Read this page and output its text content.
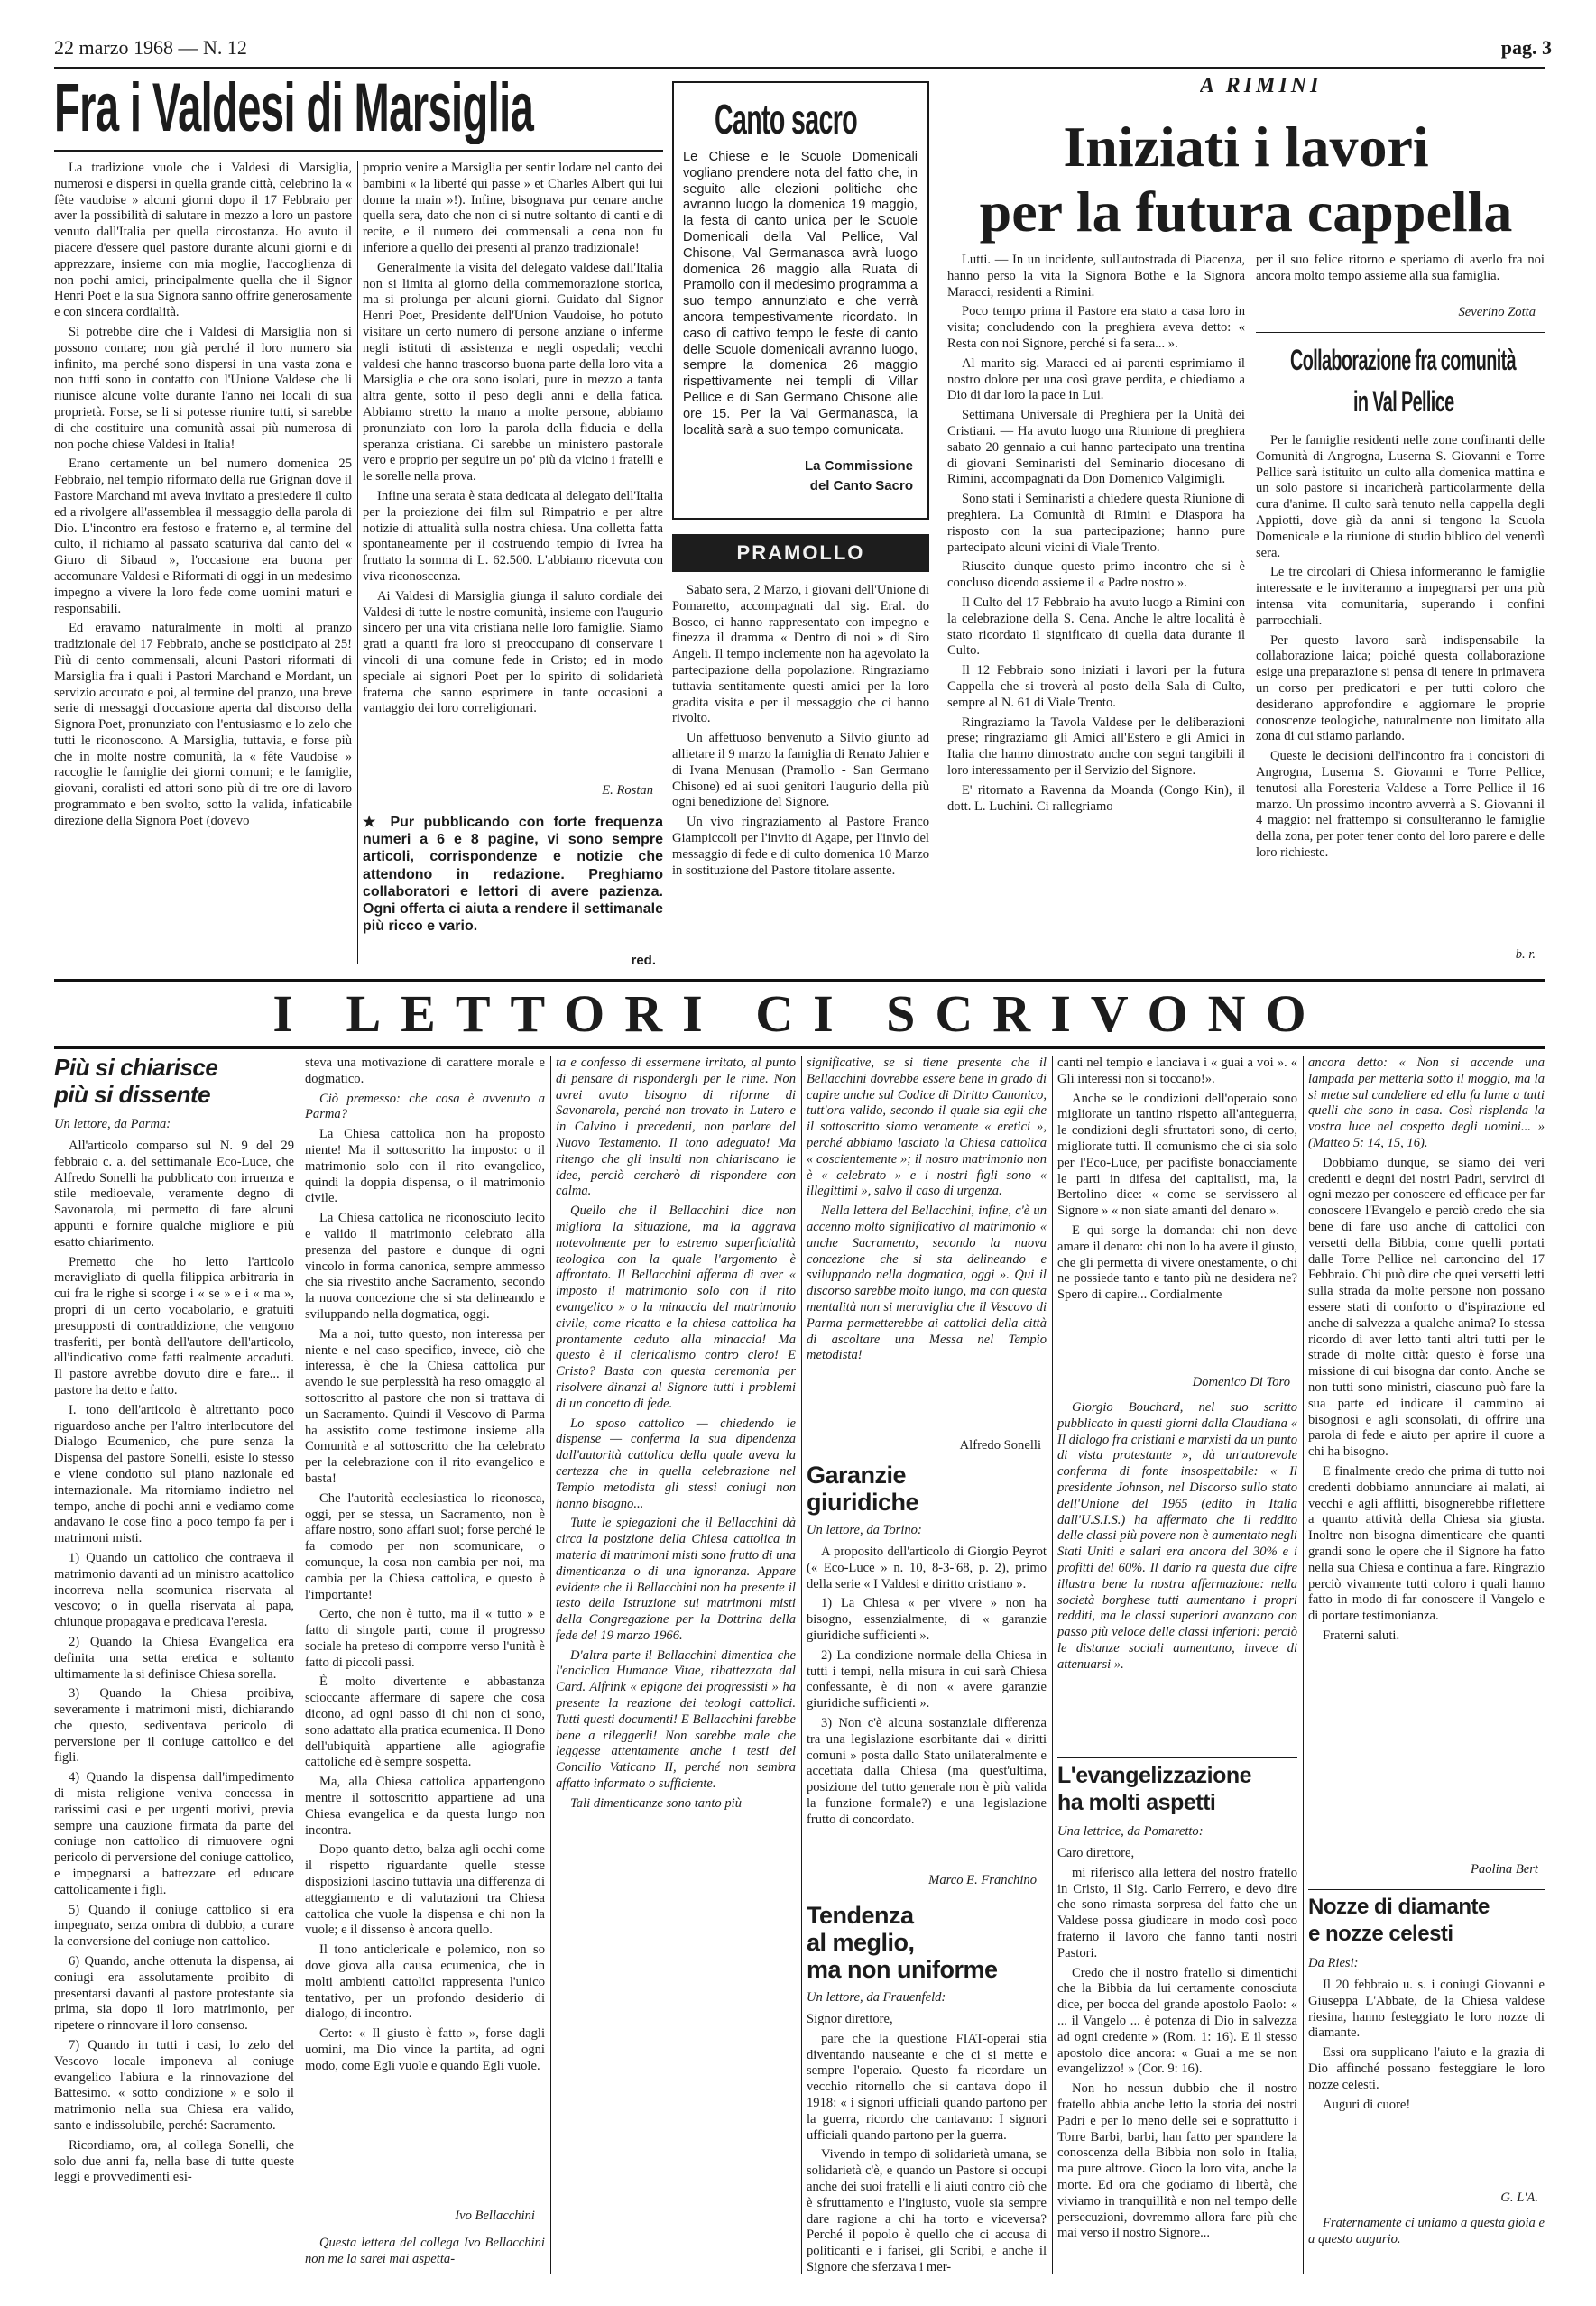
22 marzo 1968 — N. 12	pag. 3
Fra i Valdesi di Marsiglia

La tradizione vuole che i Valdesi di Marsiglia, numerosi e dispersi in quella grande città, celebrino la « fête vaudoise » alcuni giorni dopo il 17 Febbraio per aver la possibilità di salutare in mezzo a loro un pastore venuto dall'Italia per quella circostanza. Ho avuto il piacere d'essere quel pastore durante alcuni giorni e di apprezzare, insieme con mia moglie, l'accoglienza di non pochi amici, principalmente quella che il Signor Henri Poet e la sua Signora sanno offrire generosamente e con sincera cordialità.

Si potrebbe dire che i Valdesi di Marsiglia non si possono contare; non già perché il loro numero sia infinito, ma perché sono dispersi in una vasta zona e non tutti sono in contatto con l'Unione Valdese che li riunisce alcune volte durante l'anno nei locali di sua proprietà. Forse, se li si potesse riunire tutti, si sarebbe di che costituire una comunità assai più numerosa di non poche chiese Valdesi in Italia!

Erano certamente un bel numero domenica 25 Febbraio, nel tempio riformato della rue Grignan dove il Pastore Marchand mi aveva invitato a presiedere il culto ed a rivolgere all'assemblea il messaggio della parola di Dio. L'incontro era festoso e fraterno e, al termine del culto, il richiamo al passato scaturiva dal canto del « Giuro di Sibaud », l'occasione era buona per accomunare Valdesi e Riformati di oggi in un medesimo impegno a vivere la loro fede come uomini maturi e responsabili.

Ed eravamo naturalmente in molti al pranzo tradizionale del 17 Febbraio, anche se posticipato al 25! Più di cento commensali, alcuni Pastori riformati di Marsiglia fra i quali i Pastori Marchand e Mordant, un servizio accurato e poi, al termine del pranzo, una breve serie di messaggi d'occasione aperta dal discorso della Signora Poet, pronunziato con l'entusiasmo e lo zelo che tutti le riconoscono. A Marsiglia, tuttavia, e forse più che in molte nostre comunità, la « fête Vaudoise » raccoglie le famiglie dei giorni comuni; e le famiglie, giovani, coralisti ed attori sono più di tre ore di lavoro programmato e ben svolto, sotto la valida, infaticabile direzione della Signora Poet (dovevo

proprio venire a Marsiglia per sentir lodare nel canto dei bambini « la liberté qui passe » et Charles Albert qui lui donne la main »!). Infine, bisognava pur cenare anche quella sera, dato che non ci si nutre soltanto di canti e di recite, e il numero dei commensali a cena non fu inferiore a quello dei presenti al pranzo tradizionale!

Generalmente la visita del delegato valdese dall'Italia non si limita al giorno della commemorazione storica, ma si prolunga per alcuni giorni. Guidato dal Signor Henri Poet, Presidente dell'Union Vaudoise, ho potuto visitare un certo numero di persone anziane o inferme negli istituti di assistenza e negli ospedali; vecchi valdesi che hanno trascorso buona parte della loro vita a Marsiglia e che ora sono isolati, pure in mezzo a tanta altra gente, sotto il peso degli anni e della fatica. Abbiamo stretto la mano a molte persone, abbiamo pronunziato con loro la parola della fiducia e della speranza cristiana. Ci sarebbe un ministero pastorale vero e proprio per seguire un po' più da vicino i fratelli e le sorelle nella prova.

Infine una serata è stata dedicata al delegato dell'Italia per la proiezione dei film sul Rimpatrio e per altre notizie di attualità sulla nostra chiesa. Una colletta fatta spontaneamente per il costruendo tempio di Ivrea ha fruttato la somma di L. 62.500. L'abbiamo ricevuta con viva riconoscenza.

Ai Valdesi di Marsiglia giunga il saluto cordiale dei Valdesi di tutte le nostre comunità, insieme con l'augurio sincero per una vita cristiana nelle loro famiglie. Siamo grati a quanti fra loro si preoccupano di conservare i vincoli di una comune fede in Cristo; ed in modo speciale ai signori Poet per lo spirito di solidarietà fraterna che sanno esprimere in tante occasioni a vantaggio dei loro correligionari.

E. Rostan
★ Pur pubblicando con forte frequenza numeri a 6 e 8 pagine, vi sono sempre articoli, corrispondenze e notizie che attendono in redazione. Preghiamo collaboratori e lettori di avere pazienza. Ogni offerta ci aiuta a rendere il settimanale più ricco e vario.
red.
Canto sacro
Le Chiese e le Scuole Domenicali vogliano prendere nota del fatto che, in seguito alle elezioni politiche che avranno luogo la domenica 19 maggio, la festa di canto unica per le Scuole Domenicali della Val Pellice, Val Chisone, Val Germanasca avrà luogo domenica 26 maggio alla Ruata di Pramollo con il medesimo programma a suo tempo annunziato e che verrà ancora tempestivamente ricordato. In caso di cattivo tempo le feste di canto delle Scuole domenicali avranno luogo, sempre la domenica 26 maggio rispettivamente nei templi di Villar Pellice e di San Germano Chisone alle ore 15. Per la Val Germanasca, la località sarà a suo tempo comunicata.
La Commissione
del Canto Sacro
PRAMOLLO

Sabato sera, 2 Marzo, i giovani dell'Unione di Pomaretto, accompagnati dal sig. Eral. do Bosco, ci hanno rappresentato con impegno e finezza il dramma « Dentro di noi » di Siro Angeli. Il tempo inclemente non ha agevolato la partecipazione della popolazione. Ringraziamo tuttavia sentitamente questi amici per la loro gradita visita e per il messaggio che ci hanno rivolto.

Un affettuoso benvenuto a Silvio giunto ad allietare il 9 marzo la famiglia di Renato Jahier e di Ivana Menusan (Pramollo - San Germano Chisone) ed ai suoi genitori l'augurio della più ogni benedizione del Signore.

Un vivo ringraziamento al Pastore Franco Giampiccoli per l'invito di Agape, per l'invio del messaggio di fede e di culto domenica 10 Marzo in sostituzione del Pastore titolare assente.

A RIMINI
Iniziati i lavori
per la futura cappella

Lutti. — In un incidente, sull'autostrada di Piacenza, hanno perso la vita la Signora Bothe e la Signora Maracci, residenti a Rimini.

Poco tempo prima il Pastore era stato a casa loro in visita; concludendo con la preghiera aveva detto: « Resta con noi Signore, perché si fa sera... ».

Al marito sig. Maracci ed ai parenti esprimiamo il nostro dolore per una così grave perdita, e chiediamo a Dio di dar loro la pace in Lui.

Settimana Universale di Preghiera per la Unità dei Cristiani. — Ha avuto luogo una Riunione di preghiera sabato 20 gennaio a cui hanno partecipato una trentina di giovani Seminaristi del Seminario diocesano di Rimini, accompagnati da Don Domenico Valgimigli.

Sono stati i Seminaristi a chiedere questa Riunione di preghiera. La Comunità di Rimini e Diaspora ha risposto con la sua partecipazione; hanno pure partecipato alcuni vicini di Viale Trento.

Riuscito dunque questo primo incontro che si è concluso dicendo assieme il « Padre nostro ».

Il Culto del 17 Febbraio ha avuto luogo a Rimini con la celebrazione della S. Cena. Anche le altre località è stato ricordato il significato di quella data durante il Culto.

Il 12 Febbraio sono iniziati i lavori per la futura Cappella che si troverà al posto della Sala di Culto, sempre al N. 61 di Viale Trento.

Ringraziamo la Tavola Valdese per le deliberazioni prese; ringraziamo gli Amici all'Estero e gli Amici in Italia che hanno dimostrato anche con segni tangibili il loro interessamento per il Servizio del Signore.

E' ritornato a Ravenna da Moanda (Congo Kin), il dott. L. Luchini. Ci rallegriamo

per il suo felice ritorno e speriamo di averlo fra noi ancora molto tempo assieme alla sua famiglia.

Severino Zotta
Collaborazione fra comunità
in Val Pellice

Per le famiglie residenti nelle zone confinanti delle Comunità di Angrogna, Luserna S. Giovanni e Torre Pellice sarà istituito un culto alla domenica mattina e un solo pastore si incaricherà particolarmente della cura d'anime. Il culto sarà tenuto nella cappella degli Appiotti, dove già da anni si tengono la Scuola Domenicale e la riunione di studio biblico del venerdì sera.

Le tre circolari di Chiesa informeranno le famiglie interessate e le inviteranno a impegnarsi per una più intensa vita comunitaria, superando i confini parrocchiali.

Per questo lavoro sarà indispensabile la collaborazione laica; poiché questa collaborazione esige una preparazione si pensa di tenere in primavera un corso per predicatori e per tutti coloro che desiderano approfondire e aggiornare le proprie conoscenze teologiche, naturalmente non limitato alla zona di cui stiamo parlando.

Queste le decisioni dell'incontro fra i concistori di Angrogna, Luserna S. Giovanni e Torre Pellice, tenutosi alla Foresteria Valdese a Torre Pellice il 16 marzo. Un prossimo incontro avverrà a S. Giovanni il 4 maggio: nel frattempo si consulteranno le famiglie della zona, per poter tener conto del loro parere e delle loro richieste.

b. r.
I LETTORI CI SCRIVONO
Più si chiarisce
più si dissente
Un lettore, da Parma:

All'articolo comparso sul N. 9 del 29 febbraio c. a. del settimanale Eco-Luce, che Alfredo Sonelli ha pubblicato con irruenza e stile medioevale, veramente degno di Savonarola, mi permetto di fare alcuni appunti e fornire qualche migliore e più esatto chiarimento.

Premetto che ho letto l'articolo meravigliato di quella filippica arbitraria in cui fra le righe si scorge i « se » e i « ma », propri di un certo vocabolario, e gratuiti presupposti di contraddizione, che vengono trasferiti, per bontà dell'autore dell'articolo, all'indicativo come fatti realmente accaduti. Il pastore avrebbe dovuto dire e fare... il pastore ha detto e fatto.

I. tono dell'articolo è altrettanto poco riguardoso anche per l'altro interlocutore del Dialogo Ecumenico, che pure senza la Dispensa del pastore Sonelli, esiste lo stesso e viene condotto sul piano nazionale ed internazionale. Ma ritorniamo indietro nel tempo, anche di pochi anni e vediamo come andavano le cose fino a poco tempo fa per i matrimoni misti.

1) Quando un cattolico che contraeva il matrimonio davanti ad un ministro acattolico incorreva nella scomunica riservata al vescovo; o in quella riservata al papa, chiunque propagava e predicava l'eresia.

2) Quando la Chiesa Evangelica era definita una setta eretica e soltanto ultimamente la si definisce Chiesa sorella.

3) Quando la Chiesa proibiva, severamente i matrimoni misti, dichiarando che questo, sediventava pericolo di perversione per il coniuge cattolico e dei figli.

4) Quando la dispensa dall'impedimento di mista religione veniva concessa in rarissimi casi e per urgenti motivi, previa sempre una cauzione firmata da parte del coniuge non cattolico di rimuovere ogni pericolo di perversione del coniuge cattolico, e impegnarsi a battezzare ed educare cattolicamente i figli.

5) Quando il coniuge cattolico si era impegnato, senza ombra di dubbio, a curare la conversione del coniuge non cattolico.

6) Quando, anche ottenuta la dispensa, ai coniugi era assolutamente proibito di presentarsi davanti al pastore protestante sia prima, sia dopo il loro matrimonio, per ripetere o rinnovare il loro consenso.

7) Quando in tutti i casi, lo zelo del Vescovo locale imponeva al coniuge evangelico l'abiura e la rinnovazione del Battesimo. « sotto condizione » e solo il matrimonio nella sua Chiesa era valido, santo e indissolubile, perché: Sacramento.

Ricordiamo, ora, al collega Sonelli, che solo due anni fa, nella base di tutte queste leggi e provvedimenti esi-

steva una motivazione di carattere morale e dogmatico.

Ciò premesso: che cosa è avvenuto a Parma?

La Chiesa cattolica non ha proposto niente! Ma il sottoscritto ha imposto: o il matrimonio solo con il rito evangelico, quindi la doppia dispensa, o il matrimonio civile.

La Chiesa cattolica ne riconosciuto lecito e valido il matrimonio celebrato alla presenza del pastore e dunque di ogni vincolo in forma canonica, sempre ammesso che sia rivestito anche Sacramento, secondo la nuova concezione che si sta delineando e sviluppando nella dogmatica, oggi.

Ma a noi, tutto questo, non interessa per niente e nel caso specifico, invece, ciò che interessa, è che la Chiesa cattolica pur avendo le sue perplessità ha reso omaggio al sottoscritto al pastore che non si trattava di un Sacramento. Quindi il Vescovo di Parma ha assistito come testimone insieme alla Comunità e al sottoscritto che ha celebrato per la celebrazione con il rito evangelico e basta!

Che l'autorità ecclesiastica lo riconosca, oggi, per se stessa, un Sacramento, non è affare nostro, sono affari suoi; forse perché le fa comodo per non scomunicare, o comunque, la cosa non cambia per noi, ma cambia per la Chiesa cattolica, e questo è l'importante!

Certo, che non è tutto, ma il « tutto » e fatto di singole parti, come il progresso sociale ha preteso di comporre verso l'unità è fatto di piccoli passi.

È molto divertente e abbastanza scioccante affermare di sapere che cosa dicono, ad ogni passo di chi non ci sono, sono adattato alla pratica ecumenica. Il Dono dell'ubiquità appartiene alle agiografie cattoliche ed è sempre sospetta.

Ma, alla Chiesa cattolica appartengono mentre il sottoscritto appartiene ad una Chiesa evangelica e da questa lungo non incontra.

Dopo quanto detto, balza agli occhi come il rispetto riguardante quelle stesse disposizioni lascino tuttavia una differenza di atteggiamento e di valutazioni tra Chiesa cattolica che vuole la dispensa e chi non la vuole; e il dissenso è ancora quello.

Il tono anticlericale e polemico, non so dove giova alla causa ecumenica, che in molti ambienti cattolici rappresenta l'unico tentativo, per un profondo desiderio di dialogo, di incontro.

Certo: « Il giusto è fatto », forse dagli uomini, ma Dio vince la partita, ad ogni modo, come Egli vuole e quando Egli vuole.

Ivo Bellacchini

Questa lettera del collega Ivo Bellacchini non me la sarei mai aspetta-

ta e confesso di essermene irritato, al punto di pensare di rispondergli per le rime. Non avrei avuto bisogno di riforme di Savonarola, perché non trovato in Lutero e in Calvino i precedenti, non parlare del Nuovo Testamento. Il tono adeguato! Ma ritengo che gli insulti non chiariscano le idee, perciò cercherò di rispondere con calma.

Quello che il Bellacchini dice non migliora la situazione, ma la aggrava notevolmente per lo estremo superficialità teologica con la quale l'argomento è affrontato. Il Bellacchini afferma di aver « imposto il matrimonio solo con il rito evangelico » o la minaccia del matrimonio civile, come ricatto e la chiesa cattolica ha prontamente ceduto alla minaccia! Ma questo è il clericalismo contro clero! E Cristo? Basta con questa ceremonia per risolvere dinanzi al Signore tutti i problemi di un concetto di fede.

Lo sposo cattolico — chiedendo le dispense — conferma la sua dipendenza dall'autorità cattolica della quale aveva la certezza che in quella celebrazione nel Tempio metodista gli stessi coniugi non hanno bisogno...

Tutte le spiegazioni che il Bellacchini dà circa la posizione della Chiesa cattolica in materia di matrimoni misti sono frutto di una dimenticanza o di una ignoranza. Appare evidente che il Bellacchini non ha presente il testo della Istruzione sui matrimoni misti della Congregazione per la Dottrina della fede del 19 marzo 1966.

D'altra parte il Bellacchini dimentica che l'enciclica Humanae Vitae, ribattezzata dal Card. Alfrink « epigone dei progressisti » ha presente la reazione dei teologi cattolici. Tutti questi documenti! E Bellacchini farebbe bene a rileggerli! Non sarebbe male che leggesse attentamente anche i testi del Concilio Vaticano II, perché non sembra affatto informato o sufficiente.

Tali dimenticanze sono tanto più

significative, se si tiene presente che il Bellacchini dovrebbe essere bene in grado di capire anche sul Codice di Diritto Canonico, tutt'ora valido, secondo il quale sia egli che il sottoscritto siamo veramente « eretici », perché abbiamo lasciato la Chiesa cattolica « coscientemente »; il nostro matrimonio non è « celebrato » e i nostri figli sono « illegittimi », salvo il caso di urgenza.

Nella lettera del Bellacchini, infine, c'è un accenno molto significativo al matrimonio « anche Sacramento, secondo la nuova concezione che si sta delineando e sviluppando nella dogmatica, oggi ». Qui il discorso sarebbe molto lungo, ma con questa mentalità non si meraviglia che il Vescovo di Parma permetterebbe ai cattolici della città di ascoltare una Messa nel Tempio metodista!

Alfredo Sonelli
Garanzie
giuridiche
Un lettore, da Torino:

A proposito dell'articolo di Giorgio Peyrot (« Eco-Luce » n. 10, 8-3-'68, p. 2), primo della serie « I Valdesi e diritto cristiano ».

1) La Chiesa « per vivere » non ha bisogno, essenzialmente, di « garanzie giuridiche sufficienti ».

2) La condizione normale della Chiesa in tutti i tempi, nella misura in cui sarà Chiesa confessante, è di non « avere garanzie giuridiche sufficienti ».

3) Non c'è alcuna sostanziale differenza tra una legislazione esorbitante dai « diritti comuni » posta dallo Stato unilateralmente e accettata dalla Chiesa (ma quest'ultima, posizione del tutto generale non è più valida la funzione formale?) e una legislazione frutto di concordato.

Marco E. Franchino
Tendenza
al meglio,
ma non uniforme
Un lettore, da Frauenfeld:

Signor direttore,

pare che la questione FIAT-operai stia diventando nauseante e che ci si mette e sempre l'operaio. Questo fa ricordare un vecchio ritornello che si cantava dopo il 1918: « i signori ufficiali quando partono per la guerra, ricordo che cantavano: I signori ufficiali quando partono per la guerra.

Vivendo in tempo di solidarietà umana, se solidarietà c'è, e quando un Pastore si occupi anche dei suoi fratelli e li aiuti contro ciò che è sfruttamento e l'ingiusto, vuole sia sempre dare ragione a chi ha torto e viceversa? Perché il popolo è quello che ci accusa di politicanti e i farisei, gli Scribi, e anche il Signore che sferzava i mer-

canti nel tempio e lanciava i « guai a voi ». « Gli interessi non si toccano!».

Anche se le condizioni dell'operaio sono migliorate un tantino rispetto all'anteguerra, le condizioni degli sfruttatori sono, di certo, migliorate tutti. Il comunismo che ci sia solo per l'Eco-Luce, per pacifiste bonacciamente le parti in difesa dei capitalisti, ma, la Bertolino dice: « come se servissero al Signore » « non siate amanti del denaro ».

E qui sorge la domanda: chi non deve amare il denaro: chi non lo ha avere il giusto, che gli permetta di vivere onestamente, o chi ne possiede tanto e tanto più ne desidera ne? Spero di capire... Cordialmente

Domenico Di Toro

Giorgio Bouchard, nel suo scritto pubblicato in questi giorni dalla Claudiana « Il dialogo fra cristiani e marxisti da un punto di vista protestante », dà un'autorevole conferma di fonte insospettabile: « Il presidente Johnson, nel Discorso sullo stato dell'Unione del 1965 (edito in Italia dall'U.S.I.S.) ha affermato che il reddito delle classi più povere non è aumentato negli Stati Uniti e salari era ancora del 30% e i profitti del 60%. Il dario ra questa due cifre illustra bene la nostra affermazione: nella società borghese tutti aumentano i propri redditi, ma le classi superiori avanzano con passo più veloce delle classi inferiori: perciò le distanze sociali aumentano, invece di attenuarsi ».

L'evangelizzazione
ha molti aspetti
Una lettrice, da Pomaretto:

Caro direttore,

mi riferisco alla lettera del nostro fratello in Cristo, il Sig. Carlo Ferrero, e devo dire che sono rimasta sorpresa del fatto che un Valdese possa giudicare in modo così poco fraterno il lavoro che fanno tanti nostri Pastori.

Credo che il nostro fratello si dimentichi che la Bibbia da lui certamente conosciuta dice, per bocca del grande apostolo Paolo: « ... il Vangelo ... è potenza di Dio in salvezza ad ogni credente » (Rom. 1: 16). E il stesso apostolo dice ancora: « Guai a me se non evangelizzo! » (Cor. 9: 16).

Non ho nessun dubbio che il nostro fratello abbia anche letto la storia dei nostri Padri e per lo meno delle sei e soprattutto i Torre Barbi, barbi, han fatto per spandere la conoscenza della Bibbia non solo in Italia, ma pure altrove. Gioco la loro vita, anche la morte. Ed ora che godiamo di libertà, che viviamo in tranquillità e non nel tempo delle persecuzioni, dovremmo allora fare più che mai verso il nostro Signore...

ancora detto: « Non si accende una lampada per metterla sotto il moggio, ma la si mette sul candeliere ed ella fa lume a tutti quelli che sono in casa. Così risplenda la vostra luce nel cospetto degli uomini... » (Matteo 5: 14, 15, 16).

Dobbiamo dunque, se siamo dei veri credenti e degni dei nostri Padri, servirci di ogni mezzo per conoscere ed efficace per far conoscere l'Evangelo e perciò credo che sia bene di fare uso anche di cattolici con versetti della Bibbia, come quelli portati dalle Torre Pellice nel cartoncino del 17 Febbraio. Chi può dire che quei versetti letti sulla strada da molte persone non possano essere stati di conforto o d'ispirazione ed anche di salvezza a qualche anima? Io stessa ricordo di aver letto tanti altri tutti per le strade di molte città: questo è forse una missione di cui bisogna dar conto. Anche se non tutti sono ministri, ciascuno può fare la sua parte ed indicare il cammino ai bisognosi e agli sconsolati, di offrire una parola di fede e aiuto per aprire il cuore a chi ha bisogno.

E finalmente credo che prima di tutto noi credenti dobbiamo annunciare ai malati, ai vecchi e agli afflitti, bisognerebbe riflettere a quanto attività della Chiesa sia giusta. Inoltre non bisogna dimenticare che quanti grandi sono le opere che il Signore ha fatto nella sua Chiesa e continua a fare. Ringrazio perciò vivamente tutti coloro i quali hanno fatto in modo di far conoscere il Vangelo e di portare testimonianza.

Fraterni saluti.

Paolina Bert
Nozze di diamante
e nozze celesti
Da Riesi:

Il 20 febbraio u. s. i coniugi Giovanni e Giuseppa L'Abbate, de la Chiesa valdese riesina, hanno festeggiato le loro nozze di diamante.

Essi ora supplicano l'aiuto e la grazia di Dio affinché possano festeggiare le loro nozze celesti.

Auguri di cuore!

G. L'A.

Fraternamente ci uniamo a questa gioia e a questo augurio.
